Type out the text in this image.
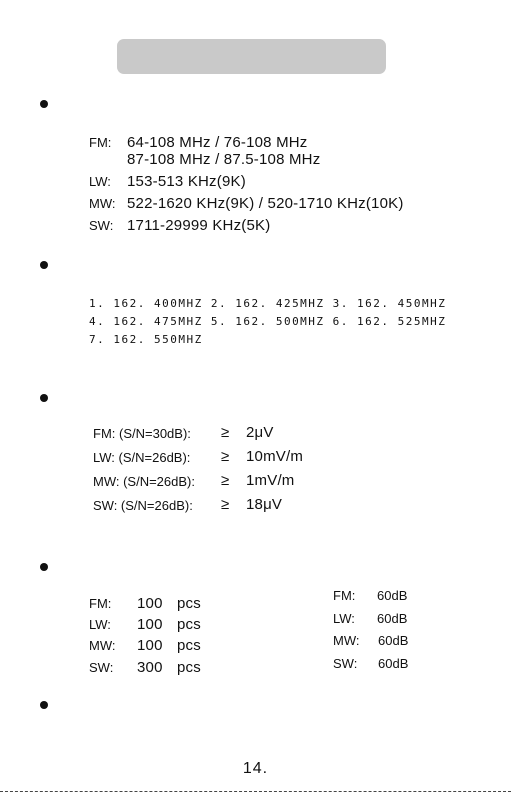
FM: 64-108 MHz / 76-108 MHz
87-108 MHz / 87.5-108 MHz
LW: 153-513 KHz(9K)
MW: 522-1620 KHz(9K) / 520-1710 KHz(10K)
SW: 1711-29999 KHz(5K)
1. 162. 400MHZ 2. 162. 425MHZ 3. 162. 450MHZ
4. 162. 475MHZ 5. 162. 500MHZ 6. 162. 525MHZ
7. 162. 550MHZ
FM: (S/N=30dB): ≥ 2μV
LW: (S/N=26dB): ≥ 10mV/m
MW: (S/N=26dB): ≥ 1mV/m
SW: (S/N=26dB): ≥ 18μV
FM: 100 pcs
LW: 100 pcs
MW: 100 pcs
SW: 300 pcs
FM: 60dB
LW: 60dB
MW: 60dB
SW: 60dB
14.
